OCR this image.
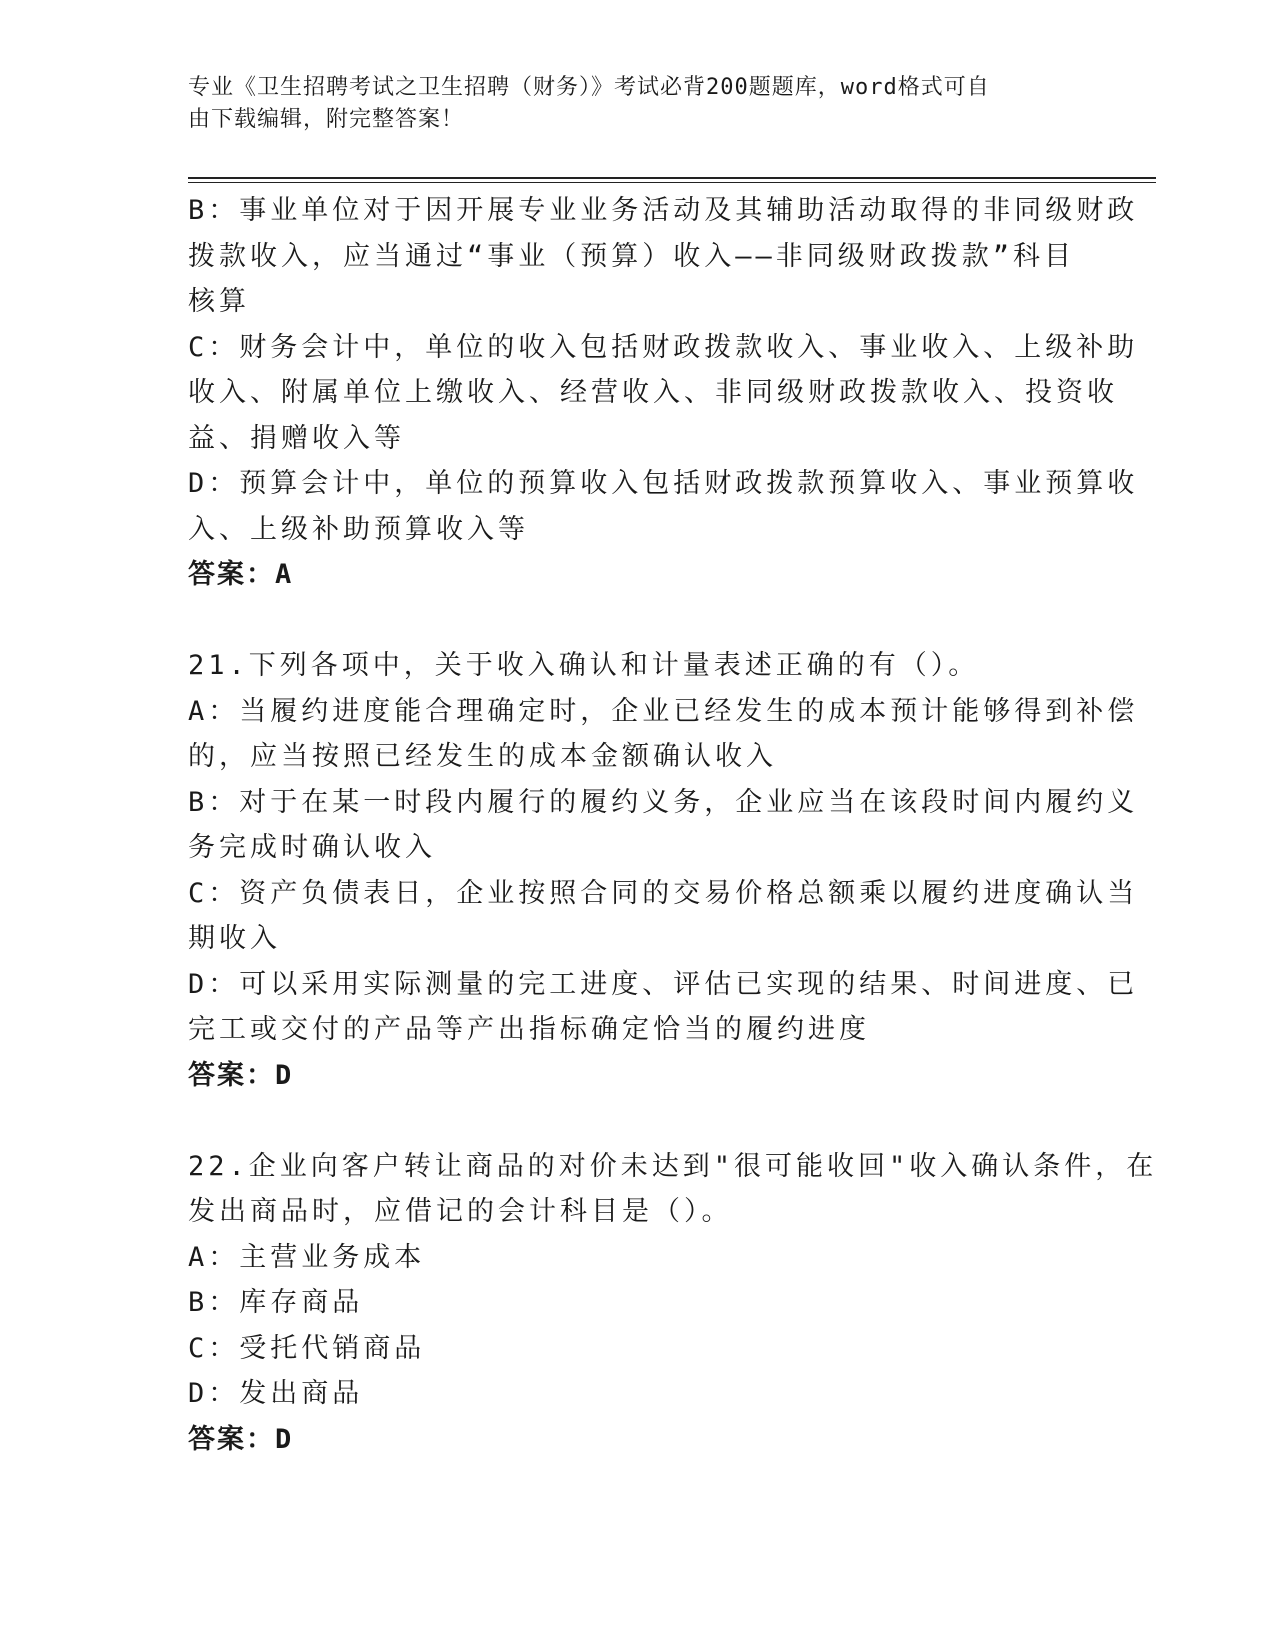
专业《卫生招聘考试之卫生招聘（财务）》考试必背200题题库，word格式可自
由下载编辑，附完整答案！
B：事业单位对于因开展专业业务活动及其辅助活动取得的非同级财政
拨款收入，应当通过“事业（预算）收入——非同级财政拨款”科目
核算
C：财务会计中，单位的收入包括财政拨款收入、事业收入、上级补助
收入、附属单位上缴收入、经营收入、非同级财政拨款收入、投资收
益、捐赠收入等
D：预算会计中，单位的预算收入包括财政拨款预算收入、事业预算收
入、上级补助预算收入等
答案：A
21.下列各项中，关于收入确认和计量表述正确的有（）。
A：当履约进度能合理确定时，企业已经发生的成本预计能够得到补偿
的，应当按照已经发生的成本金额确认收入
B：对于在某一时段内履行的履约义务，企业应当在该段时间内履约义
务完成时确认收入
C：资产负债表日，企业按照合同的交易价格总额乘以履约进度确认当
期收入
D：可以采用实际测量的完工进度、评估已实现的结果、时间进度、已
完工或交付的产品等产出指标确定恰当的履约进度
答案：D
22.企业向客户转让商品的对价未达到"很可能收回"收入确认条件，在
发出商品时，应借记的会计科目是（）。
A：主营业务成本
B：库存商品
C：受托代销商品
D：发出商品
答案：D
